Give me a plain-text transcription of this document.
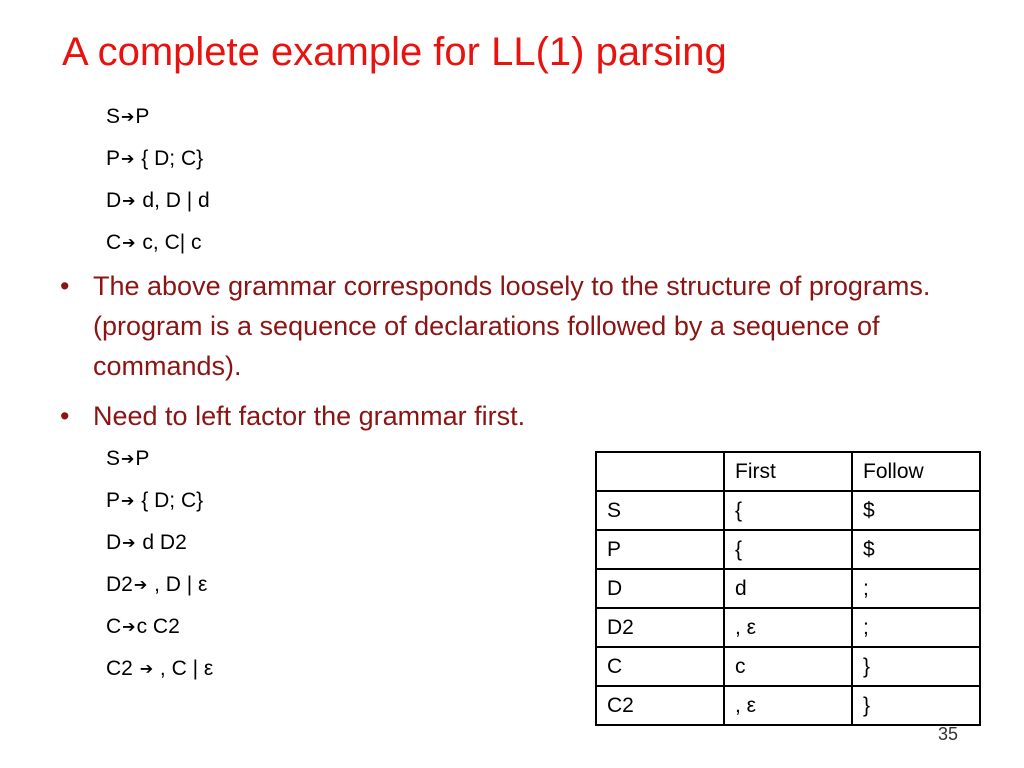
A complete example for LL(1) parsing
S➔P
P➔ { D; C}
D➔ d, D | d
C➔ c, C| c
• The above grammar corresponds loosely to the structure of programs. (program is a sequence of declarations followed by a sequence of commands).
• Need to left factor the grammar first.
S➔P
P➔ { D; C}
D➔ d D2
D2➔ , D | ε
C➔c C2
C2 ➔ , C | ε
	First	Follow
S	{	$
P	{	$
D	d	;
D2	, ε	;
C	c	}
C2	, ε	}
35
